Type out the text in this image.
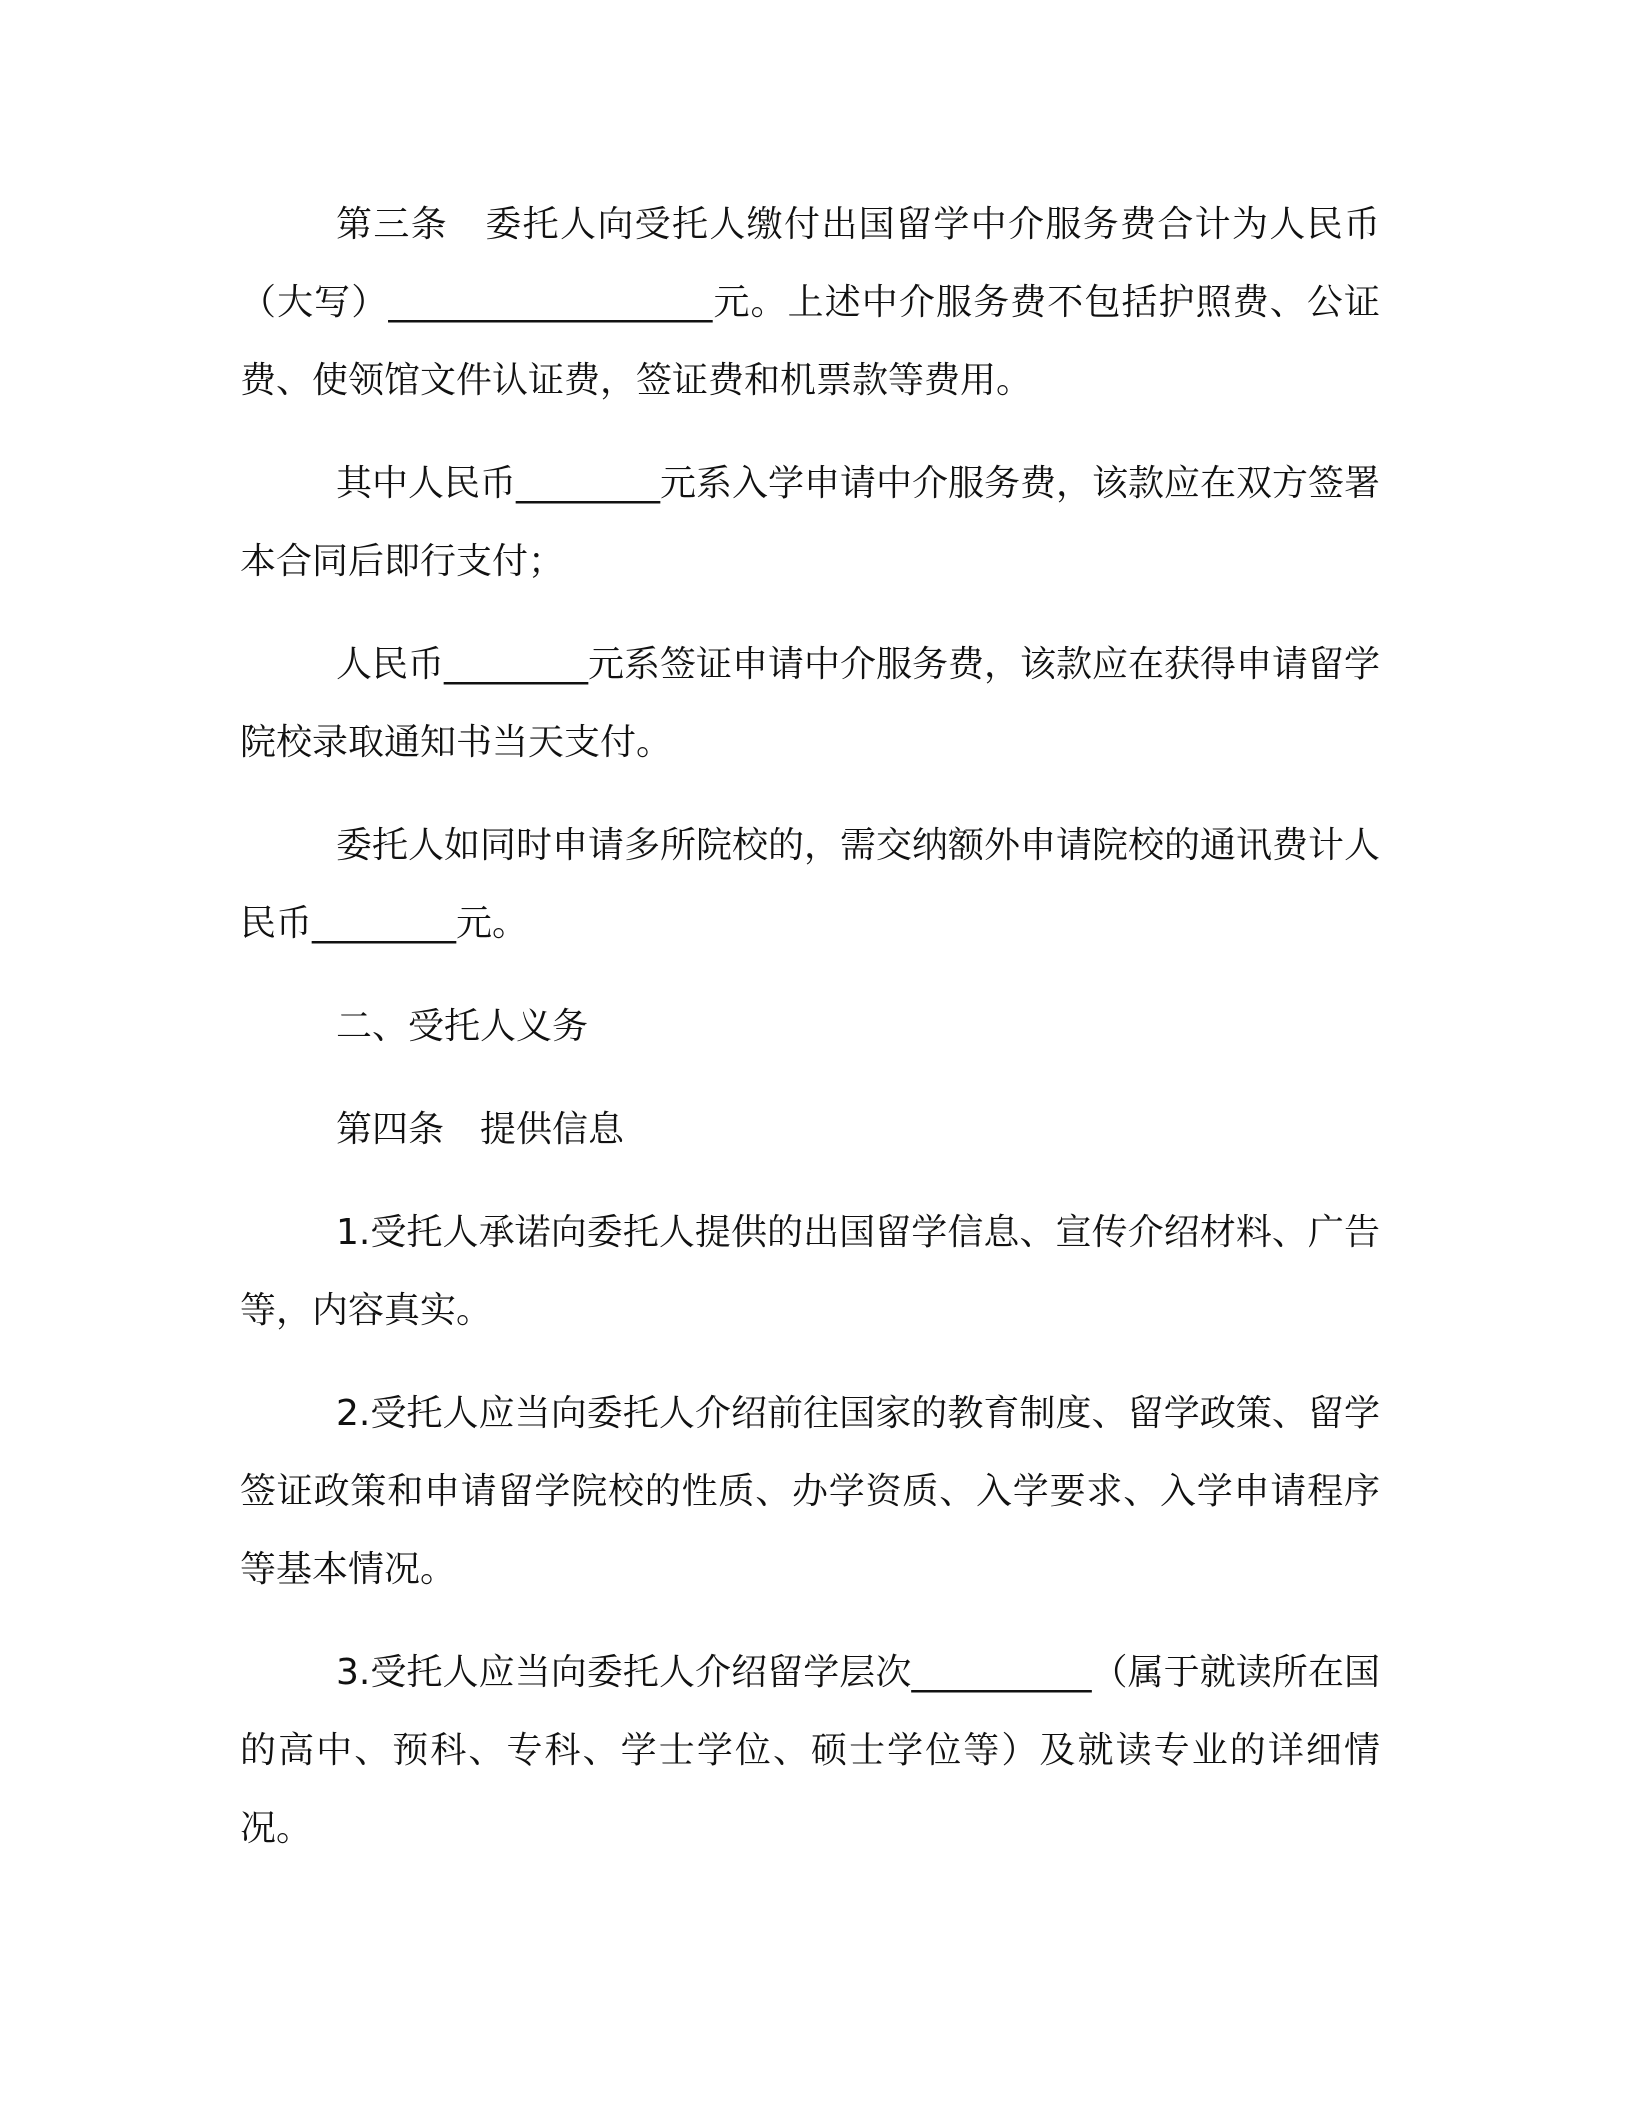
第三条　委托人向受托人缴付出国留学中介服务费合计为人民币（大写）__________________元。上述中介服务费不包括护照费、公证费、使领馆文件认证费，签证费和机票款等费用。

其中人民币________元系入学申请中介服务费，该款应在双方签署本合同后即行支付；

人民币________元系签证申请中介服务费，该款应在获得申请留学院校录取通知书当天支付。

委托人如同时申请多所院校的，需交纳额外申请院校的通讯费计人民币________元。

二、受托人义务

第四条　提供信息

1.受托人承诺向委托人提供的出国留学信息、宣传介绍材料、广告等，内容真实。

2.受托人应当向委托人介绍前往国家的教育制度、留学政策、留学签证政策和申请留学院校的性质、办学资质、入学要求、入学申请程序等基本情况。

3.受托人应当向委托人介绍留学层次__________（属于就读所在国的高中、预科、专科、学士学位、硕士学位等）及就读专业的详细情况。
